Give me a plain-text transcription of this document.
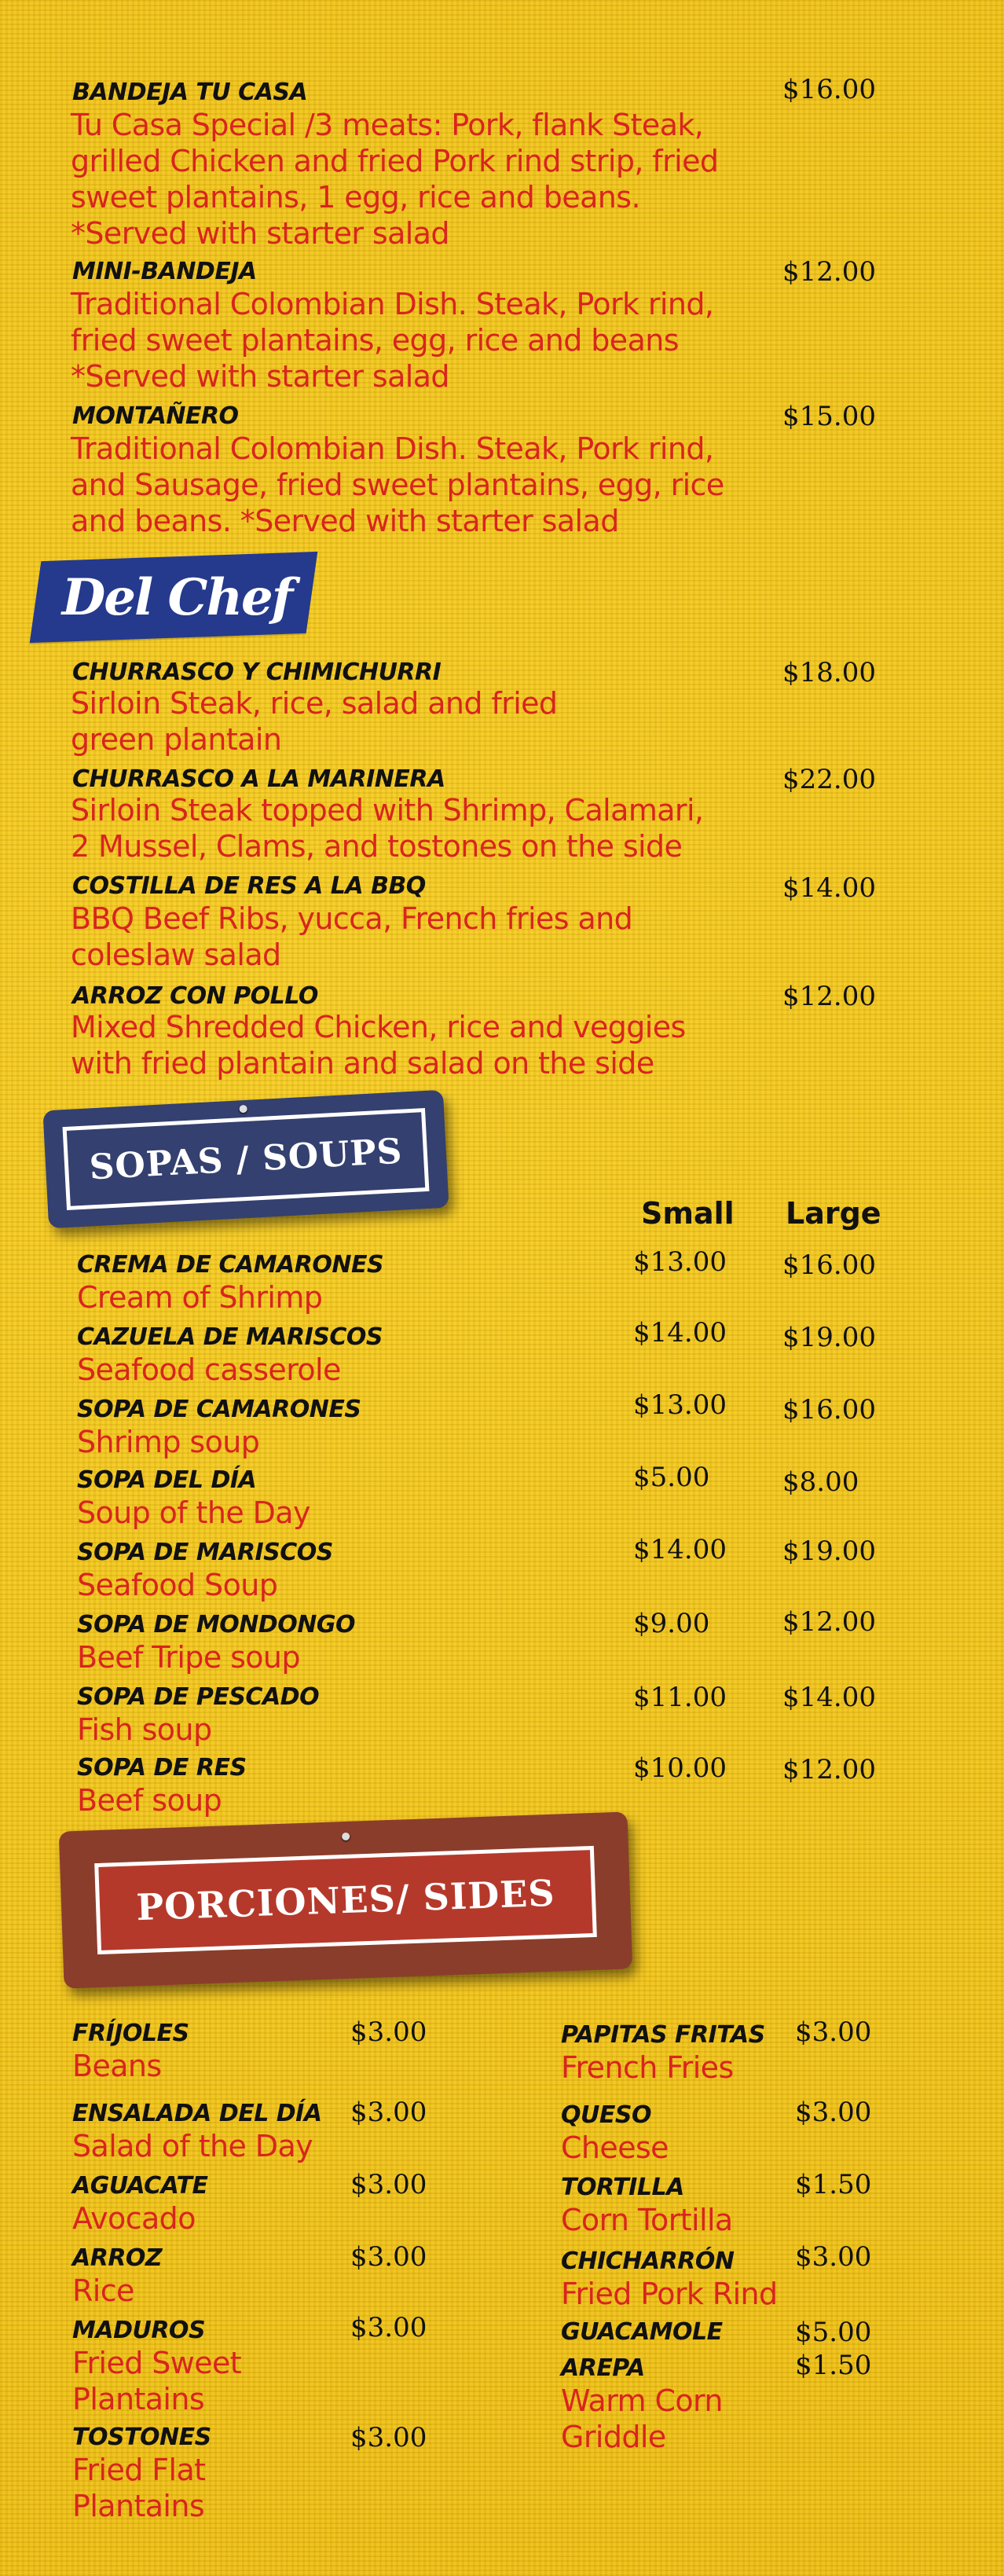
BANDEJA TU CASA	$16.00
Tu Casa Special /3 meats: Pork, flank Steak,
grilled Chicken and fried Pork rind strip, fried
sweet plantains, 1 egg, rice and beans.
*Served with starter salad
MINI-BANDEJA	$12.00
Traditional Colombian Dish. Steak, Pork rind,
fried sweet plantains, egg, rice and beans
*Served with starter salad
MONTAÑERO	$15.00
Traditional Colombian Dish. Steak, Pork rind,
and Sausage, fried sweet plantains, egg, rice
and beans. *Served with starter salad
Del Chef
CHURRASCO Y CHIMICHURRI	$18.00
Sirloin Steak, rice, salad and fried
green plantain
CHURRASCO A LA MARINERA	$22.00
Sirloin Steak topped with Shrimp, Calamari,
2 Mussel, Clams, and tostones on the side
COSTILLA DE RES A LA BBQ	$14.00
BBQ Beef Ribs, yucca, French fries and
coleslaw salad
ARROZ CON POLLO	$12.00
Mixed Shredded Chicken, rice and veggies
with fried plantain and salad on the side
SOPAS / SOUPS
Small Large
CREMA DE CAMARONES
Cream of Shrimp
$13.00 $16.00
CAZUELA DE MARISCOS
Seafood casserole
$14.00 $19.00
SOPA DE CAMARONES
Shrimp soup
$13.00 $16.00
SOPA DEL DÍA
Soup of the Day
$5.00	$8.00
SOPA DE MARISCOS
Seafood Soup
$14.00 $19.00
SOPA DE MONDONGO
Beef Tripe soup
$9.00	$12.00
SOPA DE PESCADO
Fish soup
$11.00 $14.00
SOPA DE RES
Beef soup
$10.00 $12.00
PORCIONES/ SIDES
FRÍJOLES	$3.00
Beans
ENSALADA DEL DÍA $3.00
Salad of the Day
AGUACATE	$3.00
Avocado
ARROZ	$3.00
Rice
MADUROS	$3.00
Fried Sweet
Plantains
TOSTONES	$3.00
Fried Flat
Plantains
PAPITAS FRITAS $3.00
French Fries
QUESO	$3.00
Cheese
TORTILLA	$1.50
Corn Tortilla
CHICHARRÓN $3.00
Fried Pork Rind
GUACAMOLE	$5.00
AREPA	$1.50
Warm Corn
Griddle
